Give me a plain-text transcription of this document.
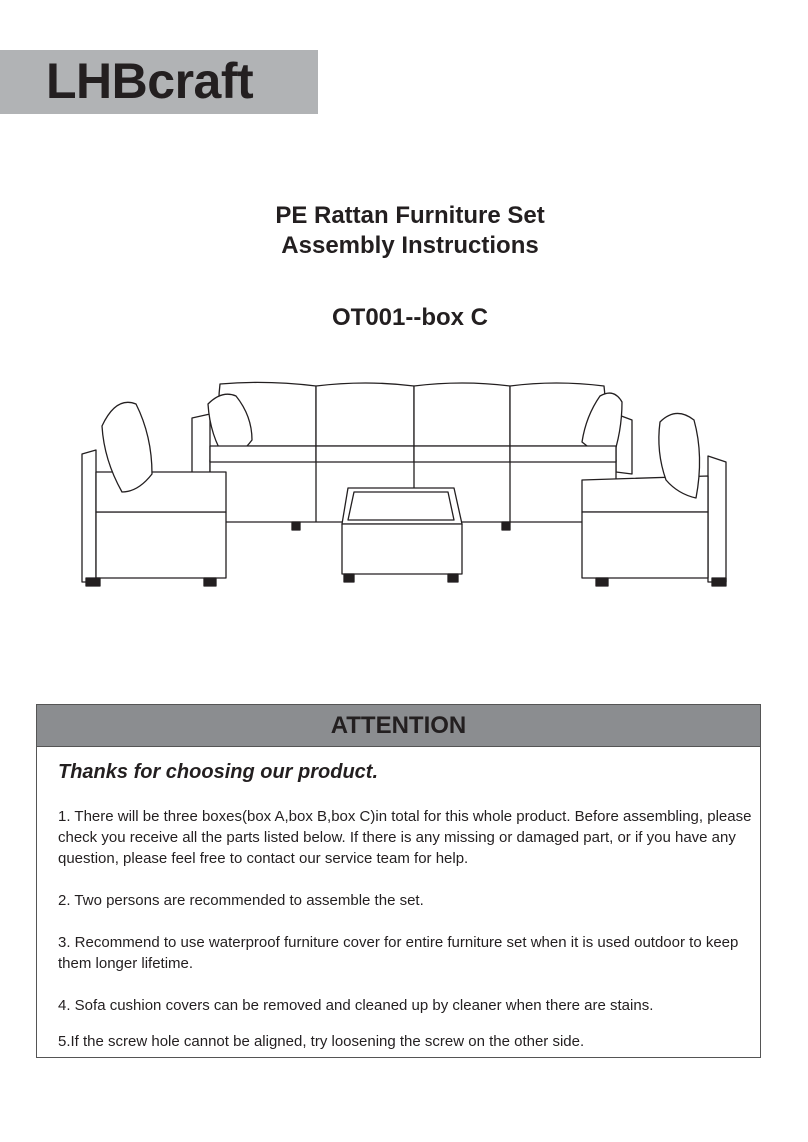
LHBcraft
PE Rattan Furniture Set
Assembly Instructions
OT001--box C
ATTENTION
Thanks for choosing our product.
1. There will be three boxes(box A,box B,box C)in total for this whole product. Before assembling, please check you receive all the parts listed below. If there is any missing or damaged part, or if you have any question, please feel free to contact our service team for help.
2. Two persons are recommended to assemble the set.
3. Recommend to use waterproof furniture cover for entire furniture set when it is used outdoor to keep them longer lifetime.
4. Sofa cushion covers can be removed and cleaned up by cleaner when there are stains.
5.If the screw hole cannot be aligned, try loosening the screw on the other side.
